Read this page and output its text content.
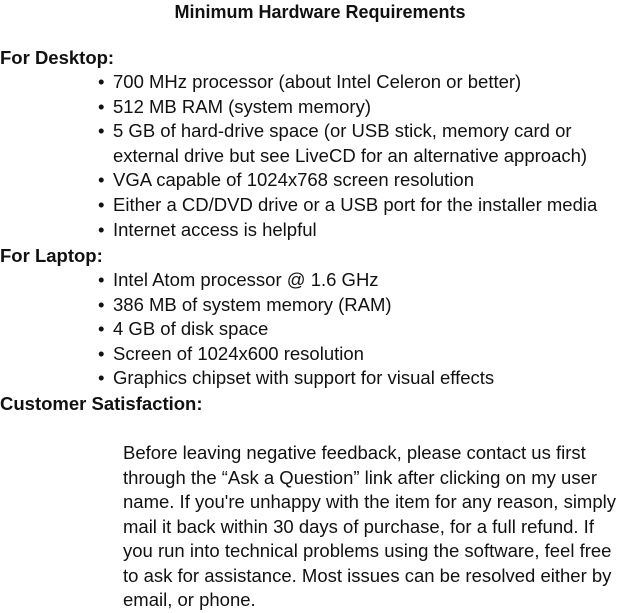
Minimum Hardware Requirements
For Desktop:
• 700 MHz processor (about Intel Celeron or better)
• 512 MB RAM (system memory)
• 5 GB of hard-drive space (or USB stick, memory card or
external drive but see LiveCD for an alternative approach)
• VGA capable of 1024x768 screen resolution
• Either a CD/DVD drive or a USB port for the installer media
• Internet access is helpful
For Laptop:
• Intel Atom processor @ 1.6 GHz
• 386 MB of system memory (RAM)
• 4 GB of disk space
• Screen of 1024x600 resolution
• Graphics chipset with support for visual effects
Customer Satisfaction:
Before leaving negative feedback, please contact us first
through the “Ask a Question” link after clicking on my user
name. If you're unhappy with the item for any reason, simply
mail it back within 30 days of purchase, for a full refund. If
you run into technical problems using the software, feel free
to ask for assistance. Most issues can be resolved either by
email, or phone.
